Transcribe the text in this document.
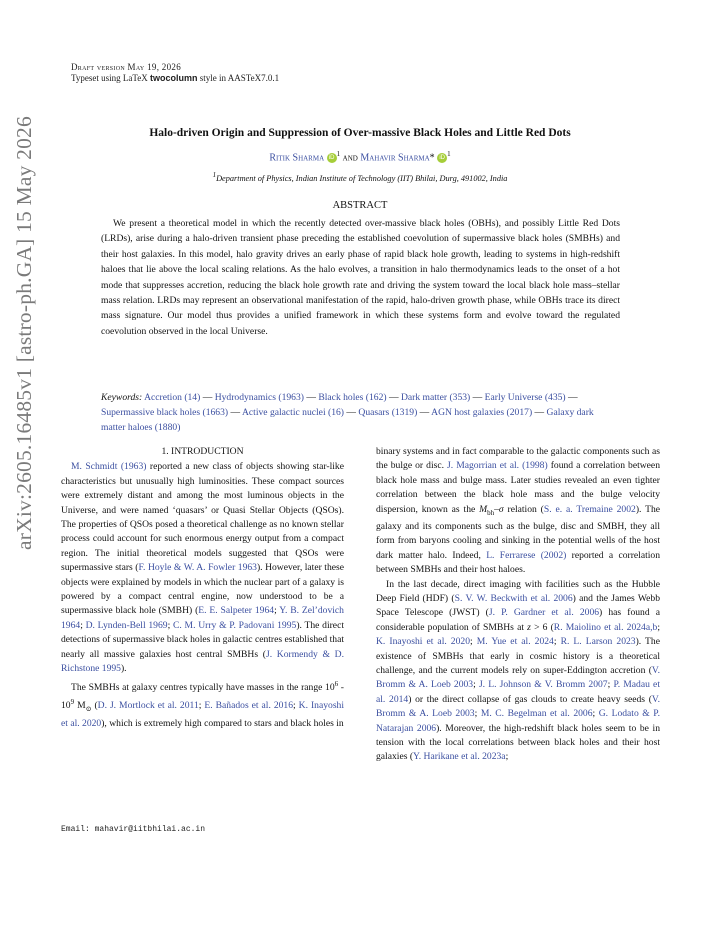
arXiv:2605.16485v1 [astro-ph.GA] 15 May 2026
Draft version May 19, 2026
Typeset using LaTeX twocolumn style in AASTeX7.0.1
Halo-driven Origin and Suppression of Over-massive Black Holes and Little Red Dots
Ritik Sharma $iD^1$ and Mahavir Sharma* $iD^1$
$^1$Department of Physics, Indian Institute of Technology (IIT) Bhilai, Durg, 491002, India
ABSTRACT
We present a theoretical model in which the recently detected over-massive black holes (OBHs), and possibly Little Red Dots (LRDs), arise during a halo-driven transient phase preceding the established coevolution of supermassive black holes (SMBHs) and their host galaxies. In this model, halo gravity drives an early phase of rapid black hole growth, leading to systems in high-redshift haloes that lie above the local scaling relations. As the halo evolves, a transition in halo thermodynamics leads to the onset of a hot mode that suppresses accretion, reducing the black hole growth rate and driving the system toward the local black hole mass–stellar mass relation. LRDs may represent an observational manifestation of the rapid, halo-driven growth phase, while OBHs trace its direct mass signature. Our model thus provides a unified framework in which these systems form and evolve toward the regulated coevolution observed in the local Universe.
Keywords: Accretion (14) — Hydrodynamics (1963) — Black holes (162) — Dark matter (353) — Early Universe (435) — Supermassive black holes (1663) — Active galactic nuclei (16) — Quasars (1319) — AGN host galaxies (2017) — Galaxy dark matter haloes (1880)
1. INTRODUCTION

M. Schmidt (1963) reported a new class of objects showing star-like characteristics but unusually high luminosities. These compact sources were extremely distant and among the most luminous objects in the Universe, and were named ‘quasars’ or Quasi Stellar Objects (QSOs). The properties of QSOs posed a theoretical challenge as no known stellar process could account for such enormous energy output from a compact region. The initial theoretical models suggested that QSOs were supermassive stars (F. Hoyle & W. A. Fowler 1963). However, later these objects were explained by models in which the nuclear part of a galaxy is powered by a compact central engine, now understood to be a supermassive black hole (SMBH) (E. E. Salpeter 1964; Y. B. Zel’dovich 1964; D. Lynden-Bell 1969; C. M. Urry & P. Padovani 1995). The direct detections of supermassive black holes in galactic centres established that nearly all massive galaxies host central SMBHs (J. Kormendy & D. Richstone 1995).

The SMBHs at galaxy centres typically have masses in the range $10^6 - 10^9$ $M_⊙$ (D. J. Mortlock et al. 2011; E. Bañados et al. 2016; K. Inayoshi et al. 2020), which is extremely high compared to stars and black holes in

binary systems and in fact comparable to the galactic components such as the bulge or disc. J. Magorrian et al. (1998) found a correlation between black hole mass and bulge mass. Later studies revealed an even tighter correlation between the black hole mass and the bulge velocity dispersion, known as the $M_{bh}-\sigma$ relation (S. e. a. Tremaine 2002). The galaxy and its components such as the bulge, disc and SMBH, they all form from baryons cooling and sinking in the potential wells of the host dark matter halo. Indeed, L. Ferrarese (2002) reported a correlation between SMBHs and their host haloes.

In the last decade, direct imaging with facilities such as the Hubble Deep Field (HDF) (S. V. W. Beckwith et al. 2006) and the James Webb Space Telescope (JWST) (J. P. Gardner et al. 2006) has found a considerable population of SMBHs at z > 6 (R. Maiolino et al. 2024a,b; K. Inayoshi et al. 2020; M. Yue et al. 2024; R. L. Larson 2023). The existence of SMBHs that early in cosmic history is a theoretical challenge, and the current models rely on super-Eddington accretion (V. Bromm & A. Loeb 2003; J. L. Johnson & V. Bromm 2007; P. Madau et al. 2014) or the direct collapse of gas clouds to create heavy seeds (V. Bromm & A. Loeb 2003; M. C. Begelman et al. 2006; G. Lodato & P. Natarajan 2006). Moreover, the high-redshift black holes seem to be in tension with the local correlations between black holes and their host galaxies (Y. Harikane et al. 2023a;

Email: mahavir@iitbhilai.ac.in
